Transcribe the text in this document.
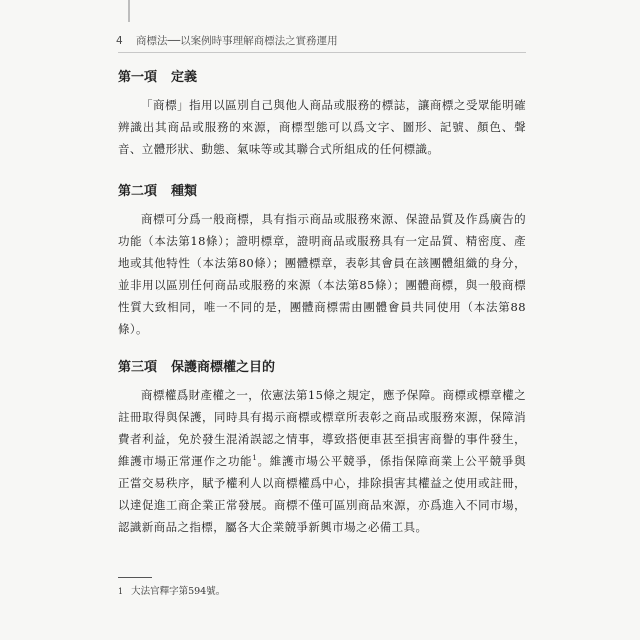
4 商標法──以案例時事理解商標法之實務運用
第一項 定義

「商標」指用以區別自己與他人商品或服務的標誌，讓商標之受眾能明確辨識出其商品或服務的來源，商標型態可以爲文字、圖形、記號、顏色、聲音、立體形狀、動態、氣味等或其聯合式所組成的任何標識。

第二項 種類

商標可分爲一般商標，具有指示商品或服務來源、保證品質及作爲廣告的功能（本法第18條）；證明標章，證明商品或服務具有一定品質、精密度、產地或其他特性（本法第80條）；團體標章，表彰其會員在該團體組織的身分，並非用以區別任何商品或服務的來源（本法第85條）；團體商標，與一般商標性質大致相同，唯一不同的是，團體商標需由團體會員共同使用（本法第88條）。

第三項 保護商標權之目的

商標權爲財產權之一，依憲法第15條之規定，應予保障。商標或標章權之註冊取得與保護，同時具有揭示商標或標章所表彰之商品或服務來源，保障消費者利益，免於發生混淆誤認之情事，導致搭便車甚至損害商譽的事件發生，維護市場正常運作之功能$^1$。維護市場公平競爭，係指保障商業上公平競爭與正當交易秩序，賦予權利人以商標權爲中心，排除損害其權益之使用或註冊，以達促進工商企業正常發展。商標不僅可區別商品來源，亦爲進入不同市場，認識新商品之指標，屬各大企業競爭新興市場之必備工具。

1 大法官釋字第594號。
